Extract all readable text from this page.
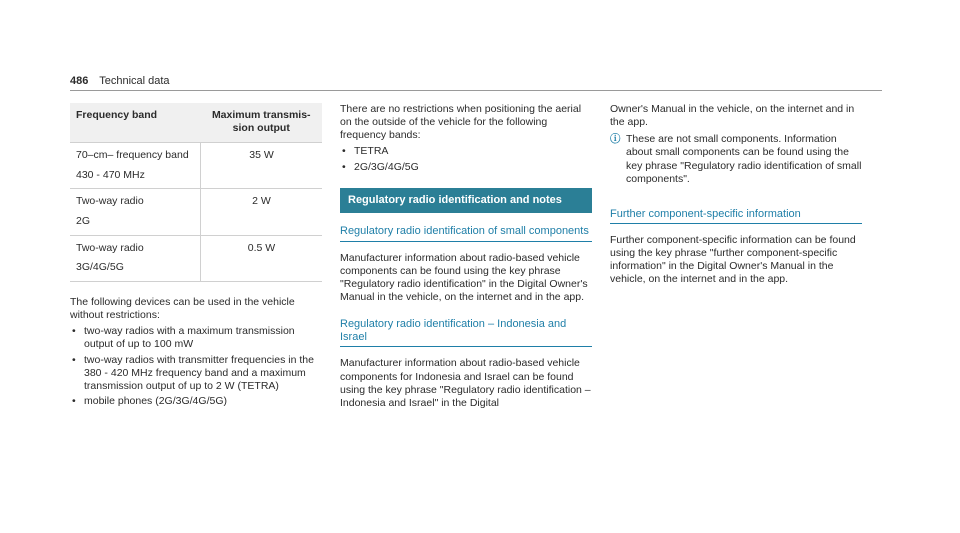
486 Technical data
Frequency band	Maximum transmis-
sion output

70–cm– frequency band
430 - 470 MHz	35 W

Two-way radio
2G	2 W

Two-way radio
3G/4G/5G	0.5 W

The following devices can be used in the vehicle without restrictions:

• two-way radios with a maximum transmission output of up to 100 mW
• two-way radios with transmitter frequencies in the 380 - 420 MHz frequency band and a maximum transmission output of up to 2 W (TETRA)
• mobile phones (2G/3G/4G/5G)

There are no restrictions when positioning the aerial on the outside of the vehicle for the following frequency bands:

• TETRA
• 2G/3G/4G/5G
Regulatory radio identification and notes
Regulatory radio identification of small components

Manufacturer information about radio-based vehicle components can be found using the key phrase "Regulatory radio identification" in the Digital Owner's Manual in the vehicle, on the internet and in the app.

Regulatory radio identification – Indonesia and Israel

Manufacturer information about radio-based vehicle components for Indonesia and Israel can be found using the key phrase "Regulatory radio identification – Indonesia and Israel" in the Digital

Owner's Manual in the vehicle, on the internet and in the app.

ⓘ These are not small components. Information about small components can be found using the key phrase "Regulatory radio identification of small components".
Further component-specific information

Further component-specific information can be found using the key phrase "further component-specific information" in the Digital Owner's Manual in the vehicle, on the internet and in the app.
